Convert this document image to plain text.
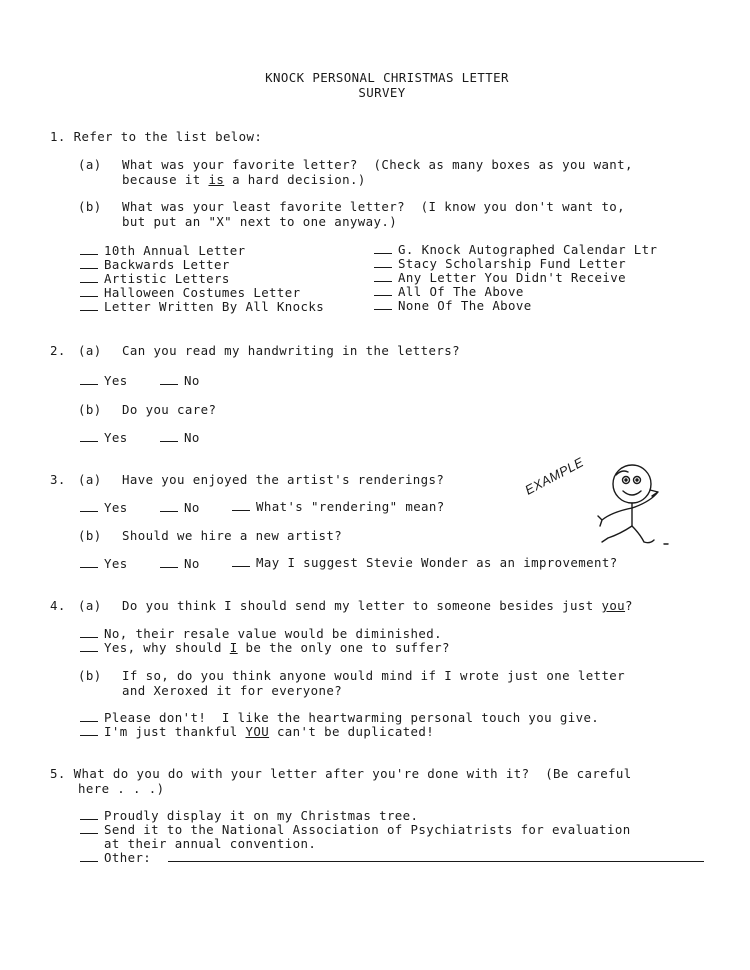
KNOCK PERSONAL CHRISTMAS LETTER
SURVEY
1. Refer to the list below:
(a) What was your favorite letter?  (Check as many boxes as you want,
because it is a hard decision.)
(b) What was your least favorite letter?  (I know you don't want to,
but put an "X" next to one anyway.)
10th Annual Letter
Backwards Letter
Artistic Letters
Halloween Costumes Letter
Letter Written By All Knocks
G. Knock Autographed Calendar Ltr
Stacy Scholarship Fund Letter
Any Letter You Didn't Receive
All Of The Above
None Of The Above
2. (a) Can you read my handwriting in the letters?
Yes	No
(b) Do you care?
Yes	No
3. (a) Have you enjoyed the artist's renderings?
Yes	No	What's "rendering" mean?
(b) Should we hire a new artist?
Yes	No	May I suggest Stevie Wonder as an improvement?
EXAMPLE
4. (a) Do you think I should send my letter to someone besides just you?
No, their resale value would be diminished.
Yes, why should I be the only one to suffer?
(b) If so, do you think anyone would mind if I wrote just one letter
and Xeroxed it for everyone?
Please don't!  I like the heartwarming personal touch you give.
I'm just thankful YOU can't be duplicated!
5. What do you do with your letter after you're done with it?  (Be careful
here . . .)
Proudly display it on my Christmas tree.
Send it to the National Association of Psychiatrists for evaluation
at their annual convention.
Other:
